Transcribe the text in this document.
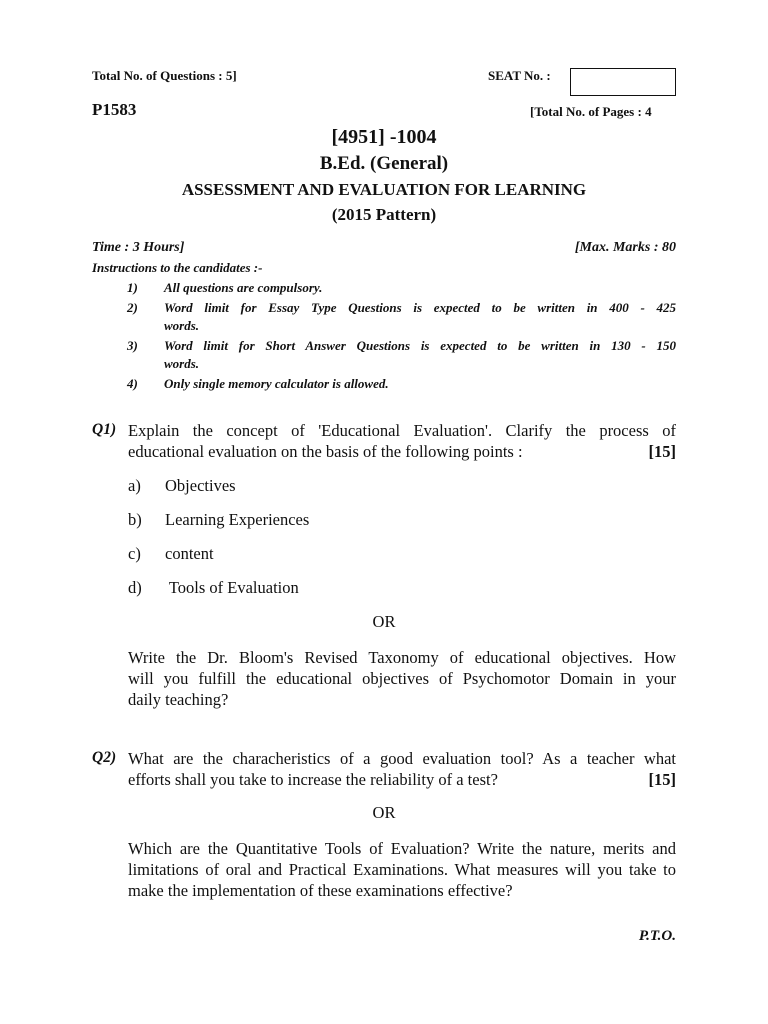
Total No. of Questions : 5]	SEAT No. :
P1583	[Total No. of Pages : 4
[4951] -1004
B.Ed. (General)
ASSESSMENT AND EVALUATION FOR LEARNING
(2015 Pattern)
Time : 3 Hours]	[Max. Marks : 80
Instructions to the candidates :-
1) All questions are compulsory.
2) Word limit for Essay Type Questions is expected to be written in 400 - 425
words.
3) Word limit for Short Answer Questions is expected to be written in 130 - 150
words.
4) Only single memory calculator is allowed.
Q1) Explain the concept of 'Educational Evaluation'. Clarify the process of
educational evaluation on the basis of the following points :	[15]
a) Objectives
b) Learning Experiences
c) content
d) Tools of Evaluation
OR
Write the Dr. Bloom's Revised Taxonomy of educational objectives. How
will you fulfill the educational objectives of Psychomotor Domain in your
daily teaching?
Q2) What are the characheristics of a good evaluation tool? As a teacher what
efforts shall you take to increase the reliability of a test?	[15]
OR
Which are the Quantitative Tools of Evaluation? Write the nature, merits and
limitations of oral and Practical Examinations. What measures will you take to
make the implementation of these examinations effective?
P.T.O.
